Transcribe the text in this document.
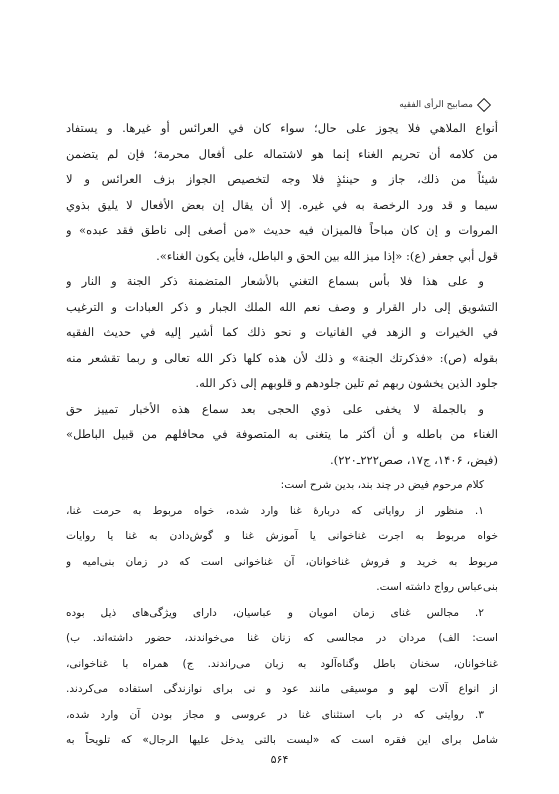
مصابیح الرأی الفقیه

أنواع الملاهي فلا يجوز على حال؛ سواء كان في العرائس أو غيرها. و يستفاد

من كلامه أن تحريم الغناء إنما هو لاشتماله على أفعال محرمة؛ فإن لم يتضمن

شيئاً من ذلك، جاز و حينئذٍ فلا وجه لتخصيص الجواز بزف العرائس و لا

سيما و قد ورد الرخصة به في غيره. إلا أن يقال إن بعض الأفعال لا يليق بذوي

المروات و إن كان مباحاً فالميزان فيه حديث «من أصغى إلى ناطق فقد عبده» و

قول أبي جعفر (ع): «إذا ميز الله بين الحق و الباطل، فأين يكون الغناء».

و على هذا فلا بأس بسماع التغني بالأشعار المتضمنة ذكر الجنة و النار و

التشويق إلى دار القرار و وصف نعم الله الملك الجبار و ذكر العبادات و الترغيب

في الخيرات و الزهد في الفانيات و نحو ذلك كما أشير إليه في حديث الفقيه

بقوله (ص): «فذكرتك الجنة» و ذلك لأن هذه كلها ذكر الله تعالى و ربما تقشعر منه

جلود الذين يخشون ربهم ثم تلين جلودهم و قلوبهم إلى ذكر الله.

و بالجملة لا يخفى على ذوي الحجى بعد سماع هذه الأخبار تمييز حق

الغناء من باطله و أن أكثر ما يتغنى به المتصوفة في محافلهم من قبيل الباطل»

(فيض، ۱۴۰۶، ج۱۷، صص۲۲۲ـ۲۲۰).

کلام مرحوم فیض در چند بند، بدین شرح است:

۱. منظور از روایاتی که دربارهٔ غنا وارد شده، خواه مربوط به حرمت غنا،

خواه مربوط به اجرت غناخوانی یا آموزش غنا و گوش‌دادن به غنا یا روایات

مربوط به خرید و فروش غناخوانان، آن غناخوانی است که در زمان بنی‌امیه و

بنی‌عباس رواج داشته است.

۲. مجالس غنای زمان امویان و عباسیان، دارای ویژگی‌های ذیل بوده

است: الف) مردان در مجالسی که زنان غنا می‌خواندند، حضور داشته‌اند. ب)

غناخوانان، سخنان باطل وگناه‌آلود به زبان می‌راندند. ج) همراه با غناخوانی،

از انواع آلات لهو و موسیقی مانند عود و نی برای نوازندگی استفاده می‌کردند.

۳. روایتی که در باب استثنای غنا در عروسی و مجاز بودن آن وارد شده،

شامل برای این فقره است که «لیست بالتی یدخل علیها الرجال» که تلویحاً به

۵۶۴
